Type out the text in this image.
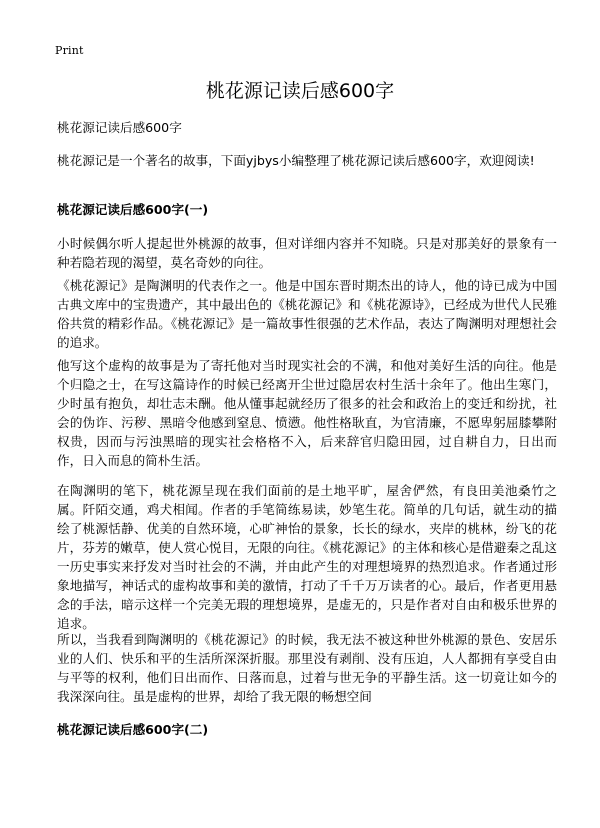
Print
桃花源记读后感600字

桃花源记读后感600字

桃花源记是一个著名的故事，下面yjbys小编整理了桃花源记读后感600字，欢迎阅读!

桃花源记读后感600字(一)

小时候偶尔听人提起世外桃源的故事，但对详细内容并不知晓。只是对那美好的景象有一种若隐若现的渴望，莫名奇妙的向往。

《桃花源记》是陶渊明的代表作之一。他是中国东晋时期杰出的诗人，他的诗已成为中国古典文库中的宝贵遗产，其中最出色的《桃花源记》和《桃花源诗》，已经成为世代人民雅俗共赏的精彩作品。《桃花源记》是一篇故事性很强的艺术作品，表达了陶渊明对理想社会的追求。

他写这个虚构的故事是为了寄托他对当时现实社会的不满，和他对美好生活的向往。他是个归隐之士，在写这篇诗作的时候已经离开尘世过隐居农村生活十余年了。他出生寒门，少时虽有抱负，却壮志未酬。他从懂事起就经历了很多的社会和政治上的变迁和纷扰，社会的伪诈、污秽、黑暗令他感到窒息、愤懑。他性格耿直，为官清廉，不愿卑躬屈膝攀附权贵，因而与污浊黑暗的现实社会格格不入，后来辞官归隐田园，过自耕自力，日出而作，日入而息的简朴生活。

在陶渊明的笔下，桃花源呈现在我们面前的是土地平旷，屋舍俨然，有良田美池桑竹之属。阡陌交通，鸡犬相闻。作者的手笔简练易读，妙笔生花。简单的几句话，就生动的描绘了桃源恬静、优美的自然环境，心旷神怡的景象，长长的绿水，夹岸的桃林，纷飞的花片，芬芳的嫩草，使人赏心悦目，无限的向往。《桃花源记》的主体和核心是借避秦之乱这一历史事实来抒发对当时社会的不满，并由此产生的对理想境界的热烈追求。作者通过形象地描写，神话式的虚构故事和美的激情，打动了千千万万读者的心。最后，作者更用悬念的手法，暗示这样一个完美无瑕的理想境界，是虚无的，只是作者对自由和极乐世界的追求。

所以，当我看到陶渊明的《桃花源记》的时候，我无法不被这种世外桃源的景色、安居乐业的人们、快乐和平的生活所深深折服。那里没有剥削、没有压迫，人人都拥有享受自由与平等的权利，他们日出而作、日落而息，过着与世无争的平静生活。这一切竟让如今的我深深向往。虽是虚构的世界，却给了我无限的畅想空间

桃花源记读后感600字(二)
